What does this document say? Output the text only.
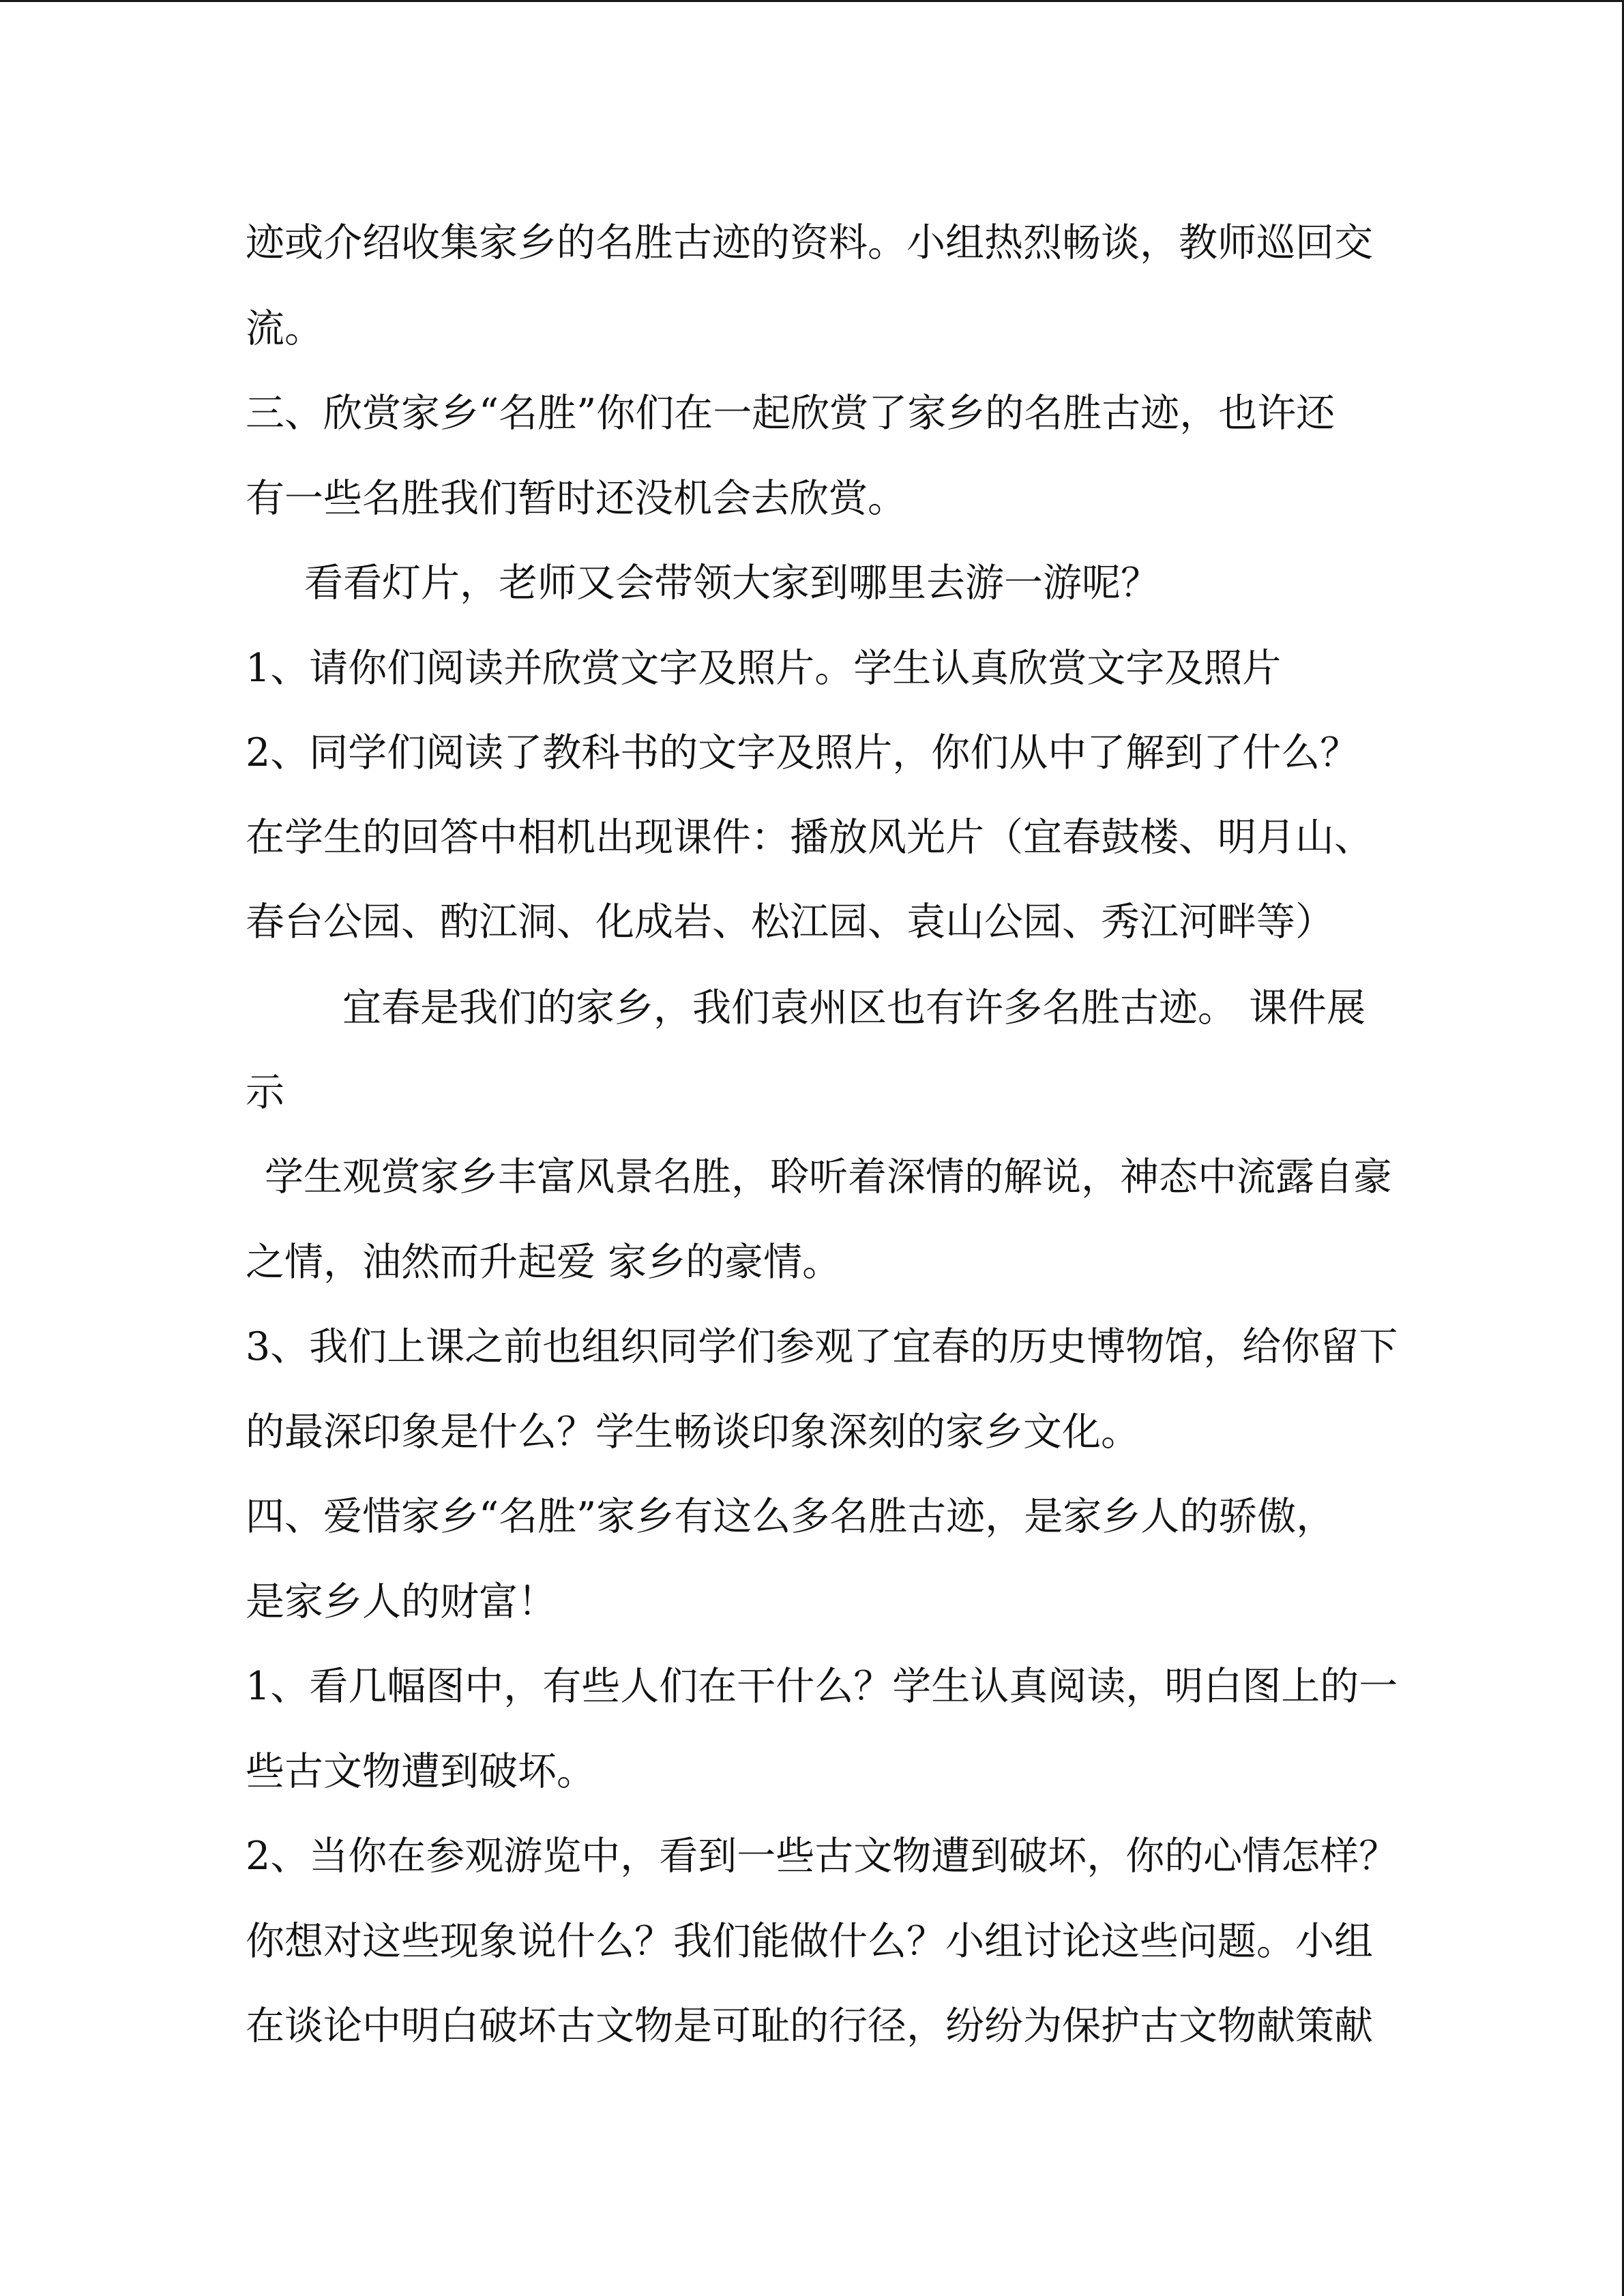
迹或介绍收集家乡的名胜古迹的资料。小组热烈畅谈，教师巡回交
流。
三、欣赏家乡“名胜”你们在一起欣赏了家乡的名胜古迹，也许还
有一些名胜我们暂时还没机会去欣赏。
看看灯片，老师又会带领大家到哪里去游一游呢？
1、请你们阅读并欣赏文字及照片。学生认真欣赏文字及照片
2、同学们阅读了教科书的文字及照片，你们从中了解到了什么？
在学生的回答中相机出现课件：播放风光片（宜春鼓楼、明月山、
春台公园、酌江洞、化成岩、松江园、袁山公园、秀江河畔等）
宜春是我们的家乡，我们袁州区也有许多名胜古迹。 课件展
示
学生观赏家乡丰富风景名胜，聆听着深情的解说，神态中流露自豪
之情，油然而升起爱 家乡的豪情。
3、我们上课之前也组织同学们参观了宜春的历史博物馆，给你留下
的最深印象是什么？学生畅谈印象深刻的家乡文化。
四、爱惜家乡“名胜”家乡有这么多名胜古迹，是家乡人的骄傲，
是家乡人的财富！
1、看几幅图中，有些人们在干什么？学生认真阅读，明白图上的一
些古文物遭到破坏。
2、当你在参观游览中，看到一些古文物遭到破坏，你的心情怎样？
你想对这些现象说什么？我们能做什么？小组讨论这些问题。小组
在谈论中明白破坏古文物是可耻的行径，纷纷为保护古文物献策献
